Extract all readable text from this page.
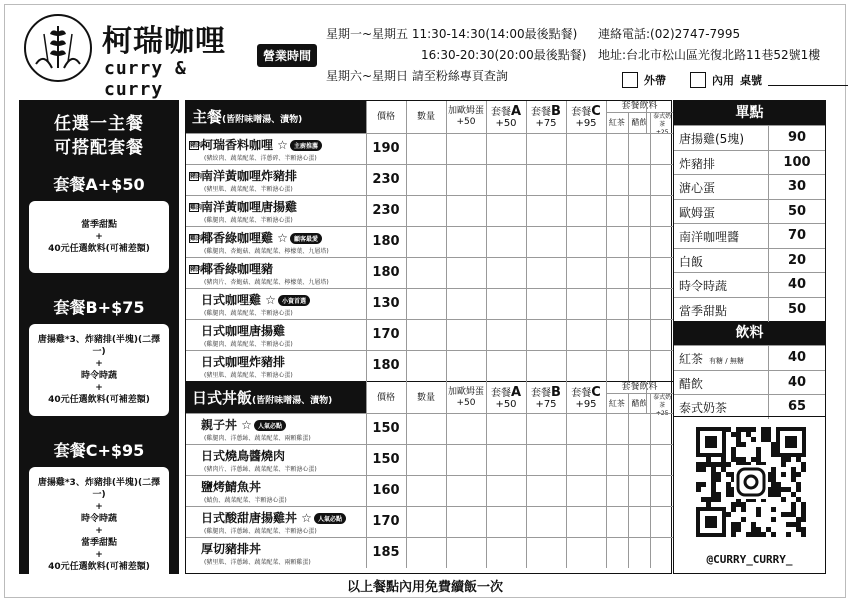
柯瑞咖哩
curry & curry
營業時間
星期一~星期五 11:30-14:30(14:00最後點餐)
16:30-20:30(20:00最後點餐)
星期六~星期日 請至粉絲專頁查詢
連絡電話:(02)2747-7995
地址:台北市松山區光復北路11巷52號1樓
外帶	內用 桌號
任選一主餐
可搭配套餐
套餐A+$50
當季甜點
+
40元任選飲料(可補差額)
套餐B+$75
唐揚雞*3、炸豬排(半塊)(二擇一)
+
時令時蔬
+
40元任選飲料(可補差額)
套餐C+$95
唐揚雞*3、炸豬排(半塊)(二擇一)
+
時令時蔬
+
當季甜點
+
40元任選飲料(可補差額)
主餐(皆附味噌湯、漬物)	價格 數量
加歐姆蛋
+50
套餐A
+50
套餐B
+75
套餐C
+95
套餐飲料
紅茶 醋飲
泰式奶茶
+25
豬肉柯瑞香料咖哩 ☆ 主廚推薦
(豬絞肉、蔬菜配菜、洋蔥碎、半顆溏心蛋)
190
豬肉南洋黃咖哩炸豬排
(豬里肌、蔬菜配菜、半顆溏心蛋)
230
雞肉南洋黃咖哩唐揚雞
(雞腿肉、蔬菜配菜、半顆溏心蛋)
230
雞肉椰香綠咖哩雞 ☆ 顧客最愛
(雞腿肉、杏鮑菇、蔬菜配菜、檸檬葉、九層塔)
180
豬肉椰香綠咖哩豬
(豬肉片、杏鮑菇、蔬菜配菜、檸檬葉、九層塔)
180
日式咖哩雞 ☆ 小資首選
(雞腿肉、蔬菜配菜、半顆溏心蛋)
130
日式咖哩唐揚雞
(雞腿肉、蔬菜配菜、半顆溏心蛋)
170
日式咖哩炸豬排
(豬里肌、蔬菜配菜、半顆溏心蛋)
180
日式丼飯(皆附味噌湯、漬物)	價格 數量
加歐姆蛋
+50
套餐A
+50
套餐B
+75
套餐C
+95
套餐飲料
紅茶 醋飲
泰式奶茶
+25
親子丼 ☆ 人氣必點
(雞腿肉、洋蔥絲、蔬菜配菜、兩顆雞蛋)
150
日式燒鳥醬燒肉
(豬肉片、洋蔥絲、蔬菜配菜、半顆溏心蛋)
150
鹽烤鯖魚丼
(鯖魚、蔬菜配菜、半顆溏心蛋)
160
日式酸甜唐揚雞丼 ☆ 人氣必點
(雞腿肉、洋蔥絲、蔬菜配菜、半顆溏心蛋)
170
厚切豬排丼
(豬里肌、洋蔥絲、蔬菜配菜、兩顆雞蛋)
185
單點
唐揚雞(5塊)	90
炸豬排	100
溏心蛋	30
歐姆蛋	50
南洋咖哩醬	70
白飯	20
時令時蔬	40
當季甜點	50
飲料
紅茶 有糖 / 無糖	40
醋飲	40
泰式奶茶	65
@CURRY_CURRY_
以上餐點內用免費續飯一次
